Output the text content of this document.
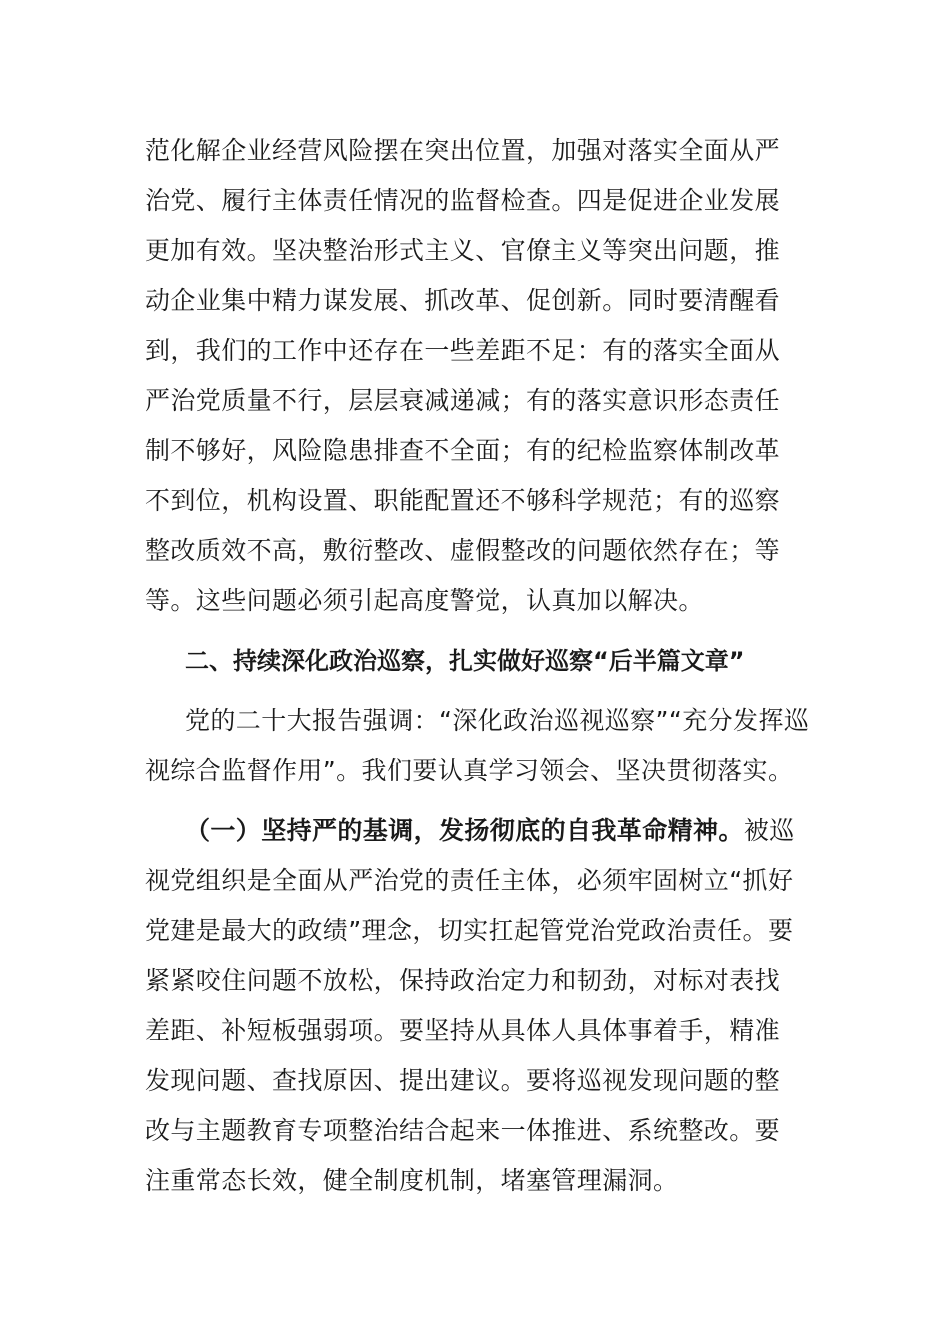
范化解企业经营风险摆在突出位置，加强对落实全面从严
治党、履行主体责任情况的监督检查。四是促进企业发展
更加有效。坚决整治形式主义、官僚主义等突出问题，推
动企业集中精力谋发展、抓改革、促创新。同时要清醒看
到，我们的工作中还存在一些差距不足：有的落实全面从
严治党质量不行，层层衰减递减；有的落实意识形态责任
制不够好，风险隐患排查不全面；有的纪检监察体制改革
不到位，机构设置、职能配置还不够科学规范；有的巡察
整改质效不高，敷衍整改、虚假整改的问题依然存在；等
等。这些问题必须引起高度警觉，认真加以解决。
二、持续深化政治巡察，扎实做好巡察“后半篇文章”
党的二十大报告强调：“深化政治巡视巡察”“充分发挥巡
视综合监督作用”。我们要认真学习领会、坚决贯彻落实。
（一）坚持严的基调，发扬彻底的自我革命精神。被巡
视党组织是全面从严治党的责任主体，必须牢固树立“抓好
党建是最大的政绩”理念，切实扛起管党治党政治责任。要
紧紧咬住问题不放松，保持政治定力和韧劲，对标对表找
差距、补短板强弱项。要坚持从具体人具体事着手，精准
发现问题、查找原因、提出建议。要将巡视发现问题的整
改与主题教育专项整治结合起来一体推进、系统整改。要
注重常态长效，健全制度机制，堵塞管理漏洞。
